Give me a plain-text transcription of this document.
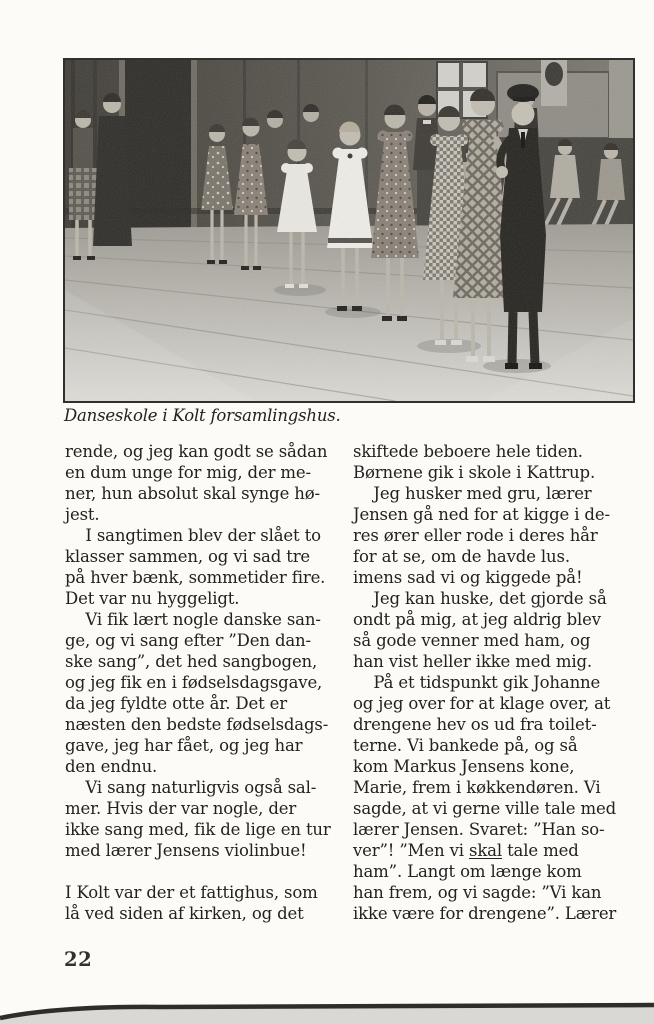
Danseskole i Kolt forsamlingshus.
rende, og jeg kan godt se sådan
en dum unge for mig, der me-
ner, hun absolut skal synge hø-
jest.
I sangtimen blev der slået to
klasser sammen, og vi sad tre
på hver bænk, sommetider fire.
Det var nu hyggeligt.
Vi fik lært nogle danske san-
ge, og vi sang efter ”Den dan-
ske sang”, det hed sangbogen,
og jeg fik en i fødselsdagsgave,
da jeg fyldte otte år. Det er
næsten den bedste fødselsdags-
gave, jeg har fået, og jeg har
den endnu.
Vi sang naturligvis også sal-
mer. Hvis der var nogle, der
ikke sang med, fik de lige en tur
med lærer Jensens violinbue!
I Kolt var der et fattighus, som
lå ved siden af kirken, og det
skiftede beboere hele tiden.
Børnene gik i skole i Kattrup.
Jeg husker med gru, lærer
Jensen gå ned for at kigge i de-
res ører eller rode i deres hår
for at se, om de havde lus.
imens sad vi og kiggede på!
Jeg kan huske, det gjorde så
ondt på mig, at jeg aldrig blev
så gode venner med ham, og
han vist heller ikke med mig.
På et tidspunkt gik Johanne
og jeg over for at klage over, at
drengene hev os ud fra toilet-
terne. Vi bankede på, og så
kom Markus Jensens kone,
Marie, frem i køkkendøren. Vi
sagde, at vi gerne ville tale med
lærer Jensen. Svaret: ”Han so-
ver”! ”Men vi skal tale med
ham”. Langt om længe kom
han frem, og vi sagde: ”Vi kan
ikke være for drengene”. Lærer
22
